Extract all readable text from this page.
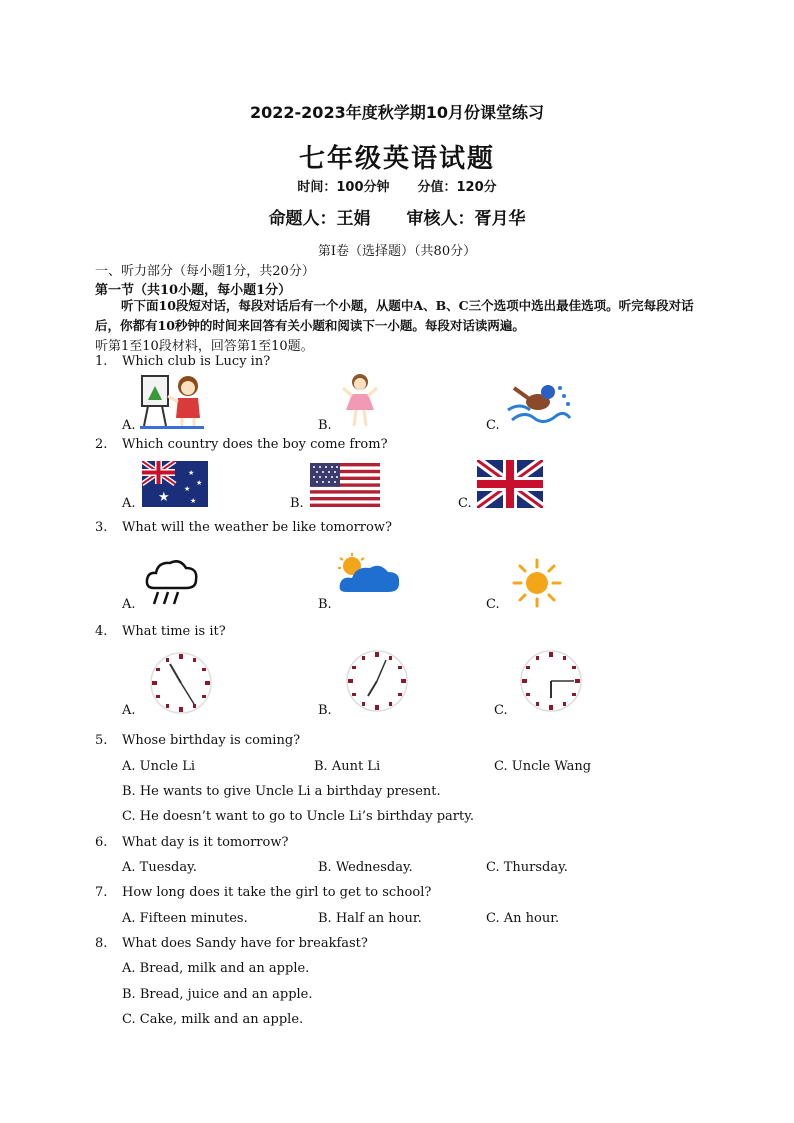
2022-2023年度秋学期10月份课堂练习
七年级英语试题
时间：100分钟 分值：120分
命题人：王娟 审核人：胥月华
第Ⅰ卷（选择题）（共80分）
一、听力部分（每小题1分，共20分）
第一节（共10小题，每小题1分）
听下面10段短对话，每段对话后有一个小题，从题中A、B、C三个选项中选出最佳选项。听完每段对话后，你都有10秒钟的时间来回答有关小题和阅读下一小题。每段对话读两遍。
听第1至10段材料，回答第1至10题。
1. Which club is Lucy in?
A.	B.	C.
2. Which country does the boy come from?
A. ★
★
★
★
★	B.	C.
3. What will the weather be like tomorrow?
A.	B.	C.
4. What time is it?
A.	B.	C.
5. Whose birthday is coming?
A. Uncle Li	B. Aunt Li	C. Uncle Wang
B. He wants to give Uncle Li a birthday present.
C. He doesn’t want to go to Uncle Li’s birthday party.
6. What day is it tomorrow?
A. Tuesday.	B. Wednesday.	C. Thursday.
7. How long does it take the girl to get to school?
A. Fifteen minutes.	B. Half an hour.	C. An hour.
8. What does Sandy have for breakfast?
A. Bread, milk and an apple.
B. Bread, juice and an apple.
C. Cake, milk and an apple.
